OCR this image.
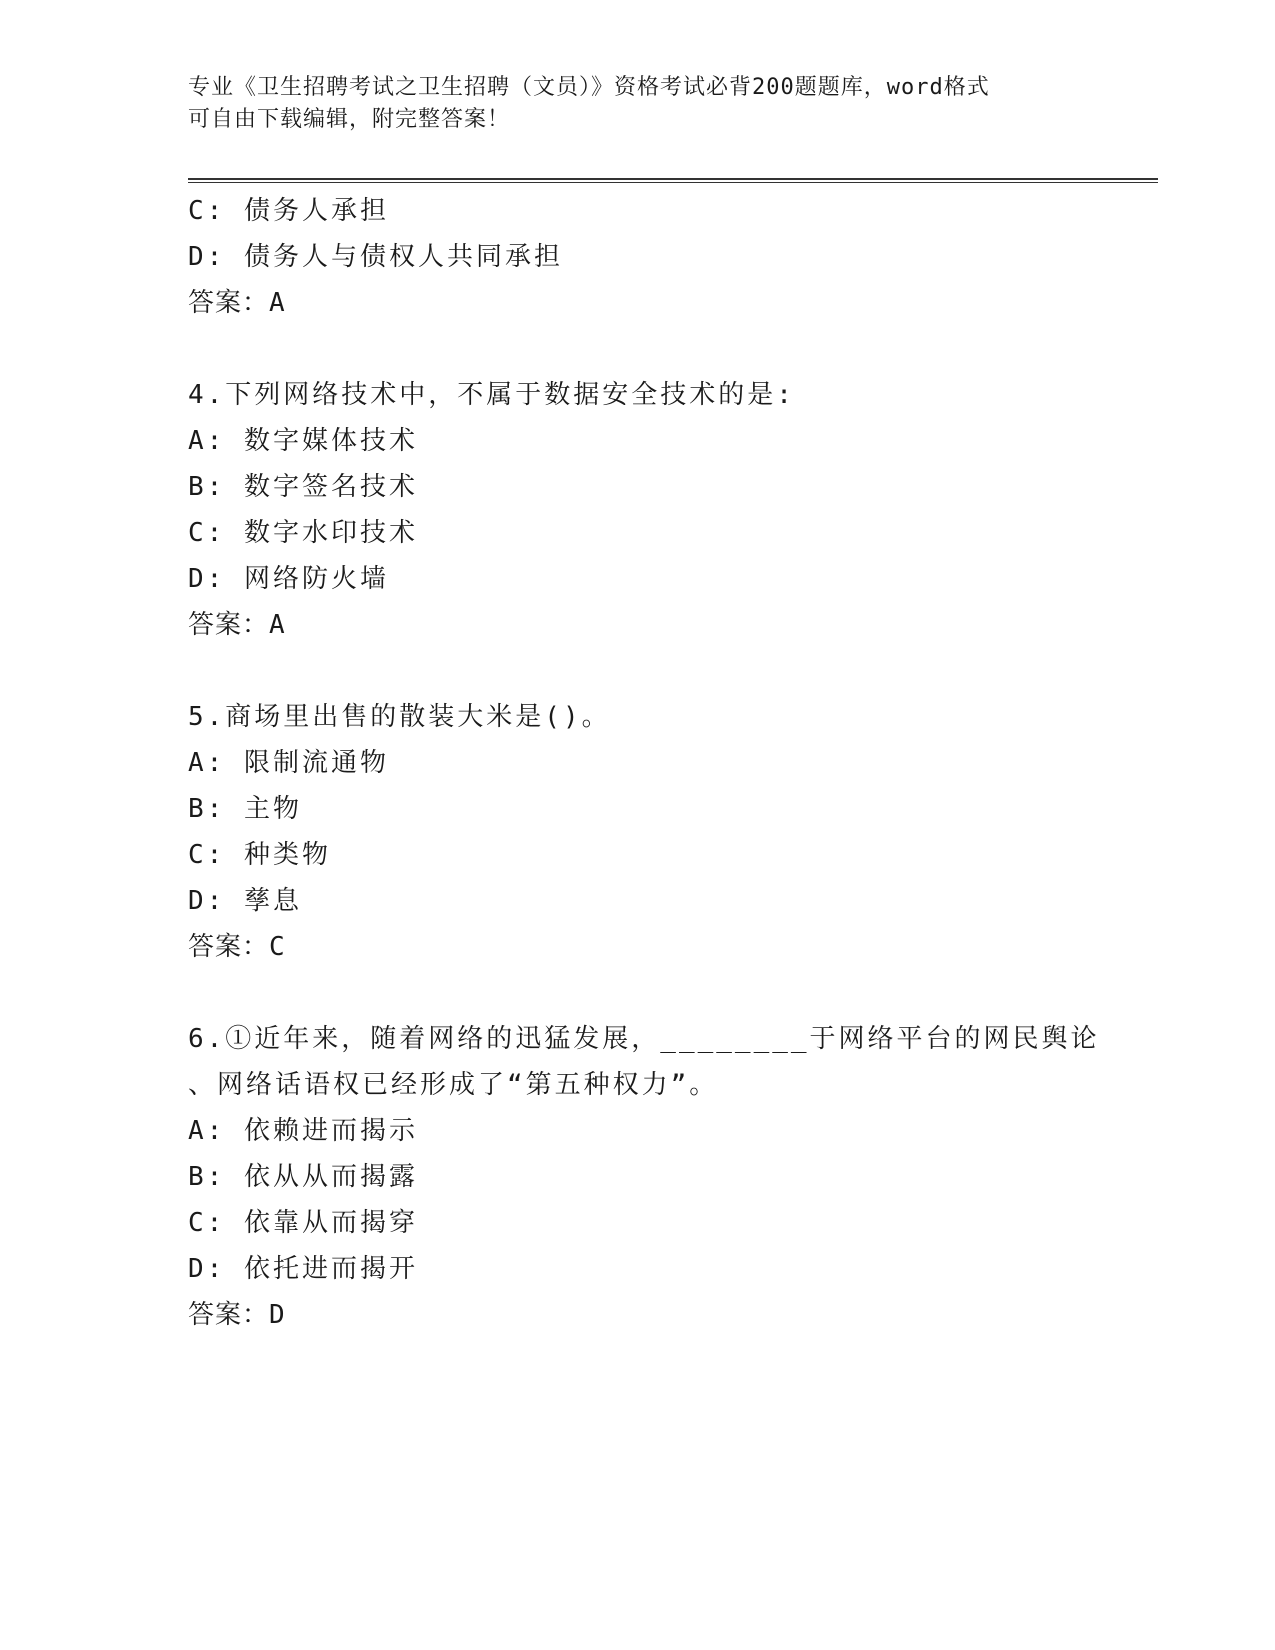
专业《卫生招聘考试之卫生招聘（文员）》资格考试必背200题题库，word格式
可自由下载编辑，附完整答案！
C: 债务人承担
D: 债务人与债权人共同承担
答案：A
4.下列网络技术中，不属于数据安全技术的是:
A: 数字媒体技术
B: 数字签名技术
C: 数字水印技术
D: 网络防火墙
答案：A
5.商场里出售的散装大米是()。
A: 限制流通物
B: 主物
C: 种类物
D: 孳息
答案：C
6.①近年来，随着网络的迅猛发展，________于网络平台的网民舆论
、网络话语权已经形成了“第五种权力”。
A: 依赖进而揭示
B: 依从从而揭露
C: 依靠从而揭穿
D: 依托进而揭开
答案：D
